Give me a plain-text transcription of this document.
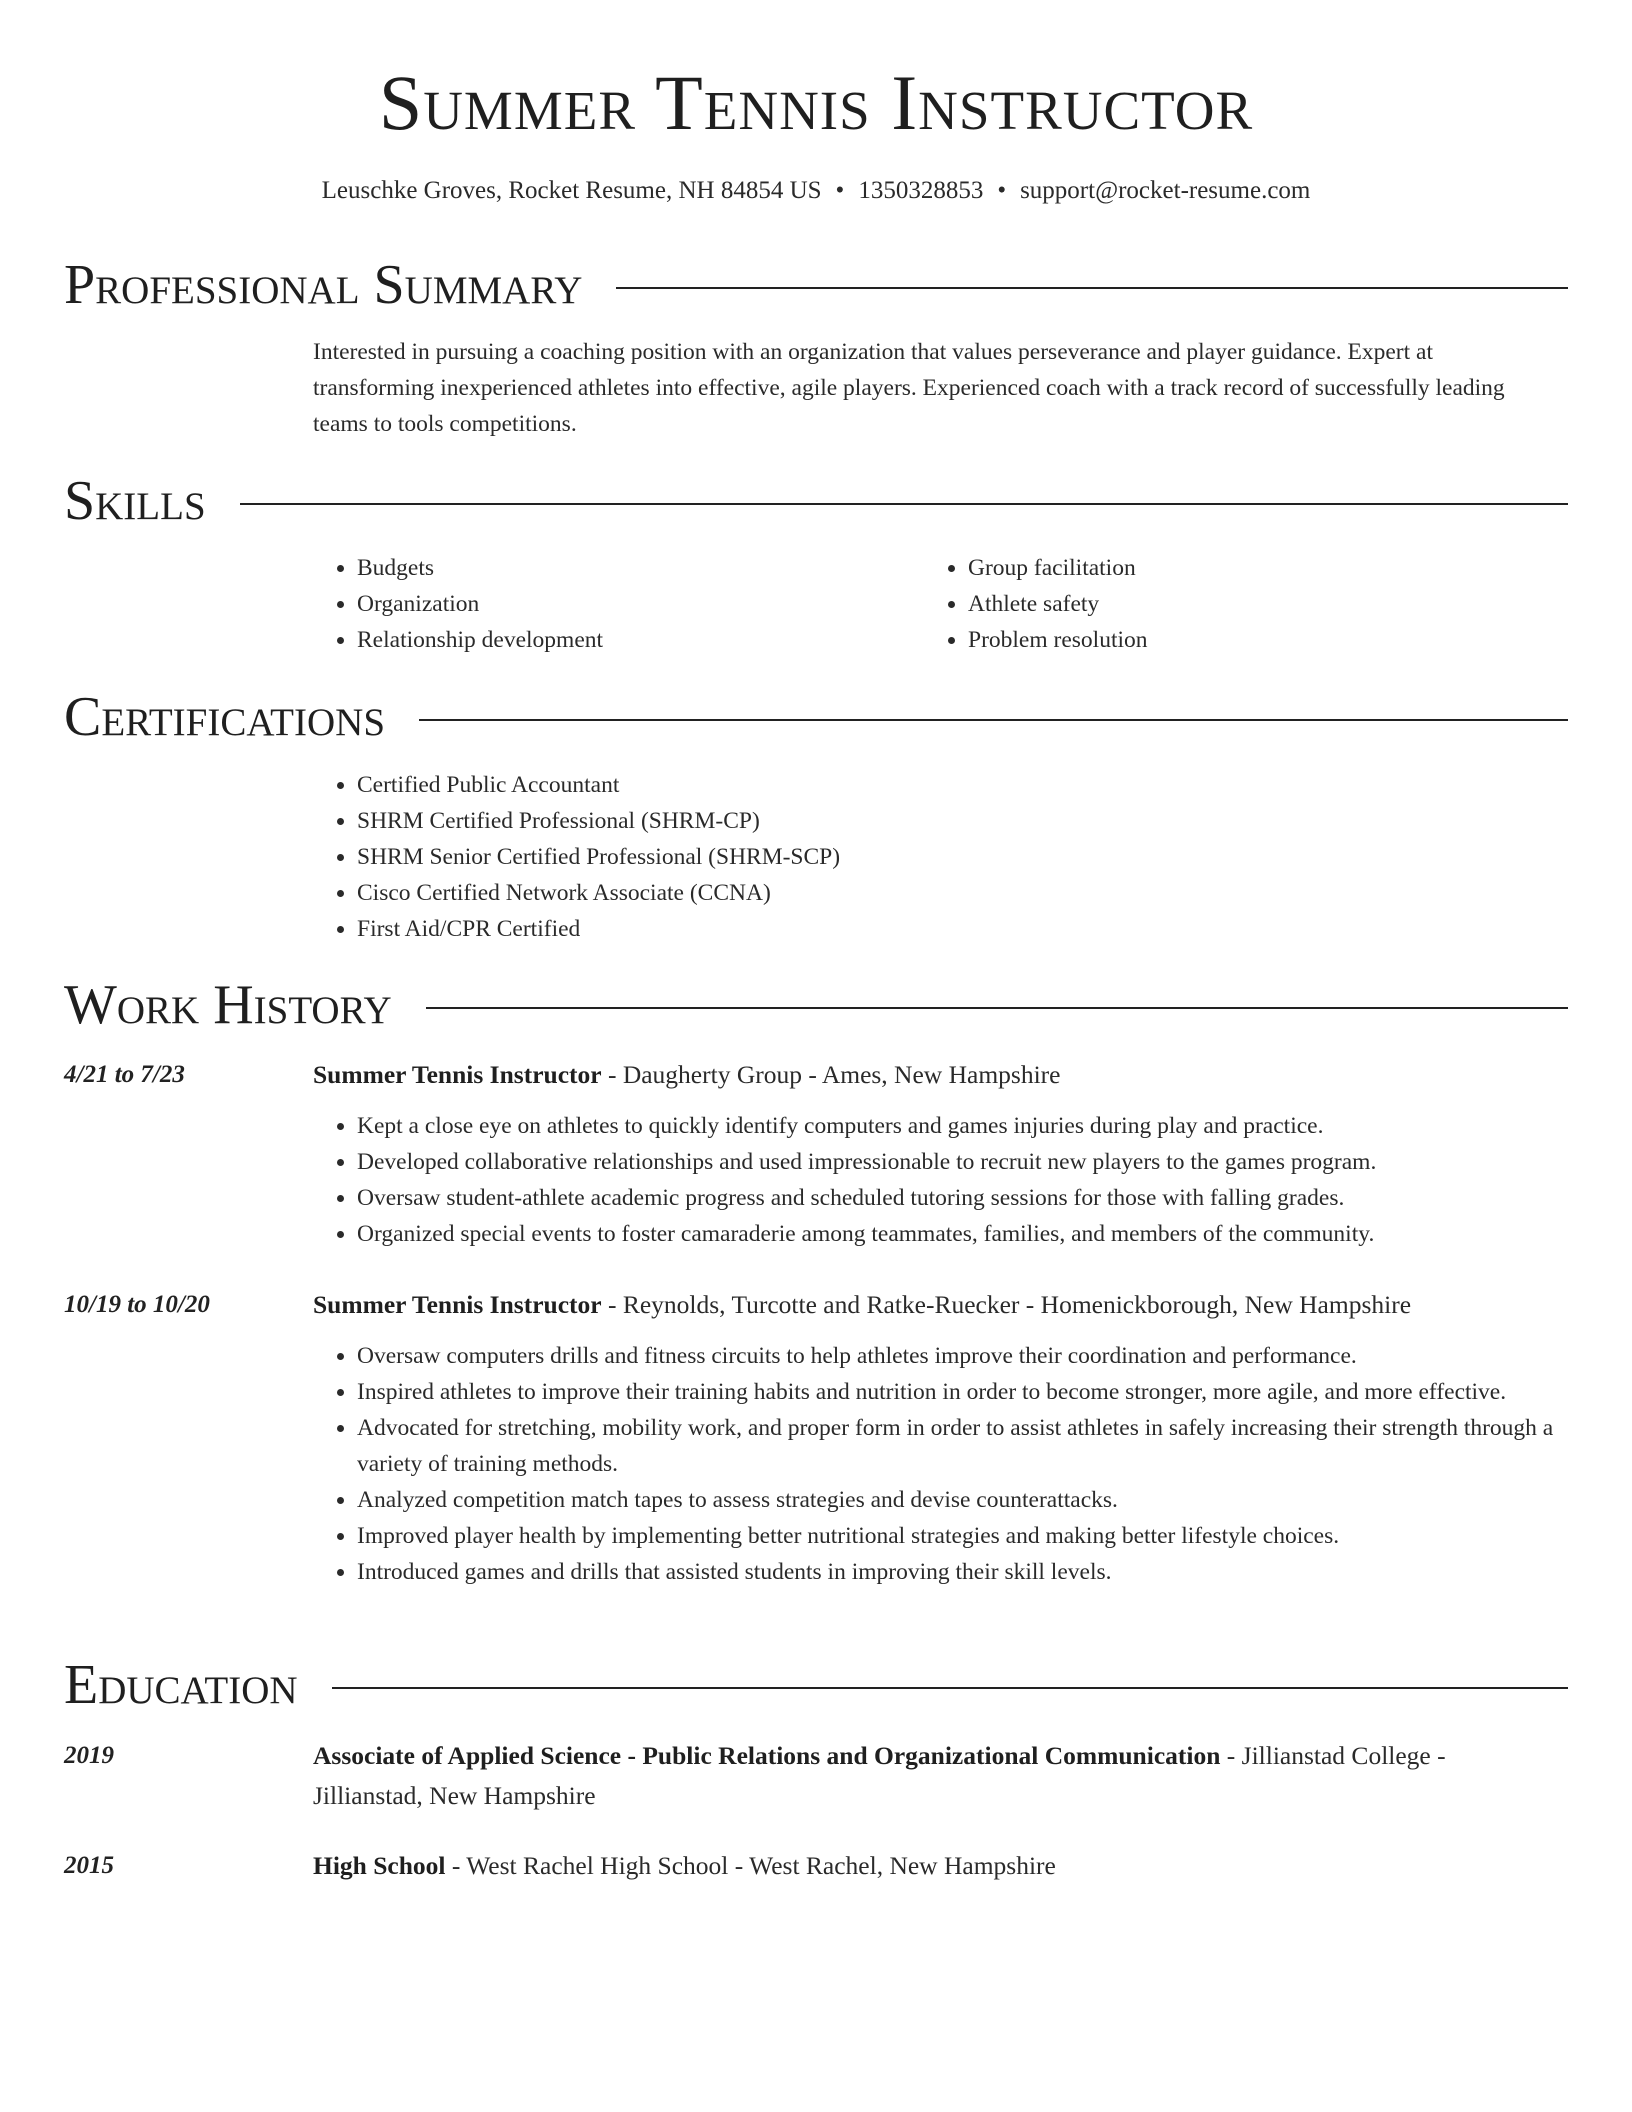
Summer Tennis Instructor
Leuschke Groves, Rocket Resume, NH 84854 US • 1350328853 • support@rocket-resume.com
Professional Summary
Interested in pursuing a coaching position with an organization that values perseverance and player guidance. Expert at transforming inexperienced athletes into effective, agile players. Experienced coach with a track record of successfully leading teams to tools competitions.
Skills
• Budgets
• Organization
• Relationship development
• Group facilitation
• Athlete safety
• Problem resolution
Certifications
• Certified Public Accountant
• SHRM Certified Professional (SHRM-CP)
• SHRM Senior Certified Professional (SHRM-SCP)
• Cisco Certified Network Associate (CCNA)
• First Aid/CPR Certified
Work History
4/21 to 7/23	Summer Tennis Instructor - Daugherty Group - Ames, New Hampshire
• Kept a close eye on athletes to quickly identify computers and games injuries during play and practice.
• Developed collaborative relationships and used impressionable to recruit new players to the games program.
• Oversaw student-athlete academic progress and scheduled tutoring sessions for those with falling grades.
• Organized special events to foster camaraderie among teammates, families, and members of the community.
10/19 to 10/20	Summer Tennis Instructor - Reynolds, Turcotte and Ratke-Ruecker - Homenickborough, New Hampshire
• Oversaw computers drills and fitness circuits to help athletes improve their coordination and performance.
• Inspired athletes to improve their training habits and nutrition in order to become stronger, more agile, and more effective.
• Advocated for stretching, mobility work, and proper form in order to assist athletes in safely increasing their strength through a variety of training methods.
• Analyzed competition match tapes to assess strategies and devise counterattacks.
• Improved player health by implementing better nutritional strategies and making better lifestyle choices.
• Introduced games and drills that assisted students in improving their skill levels.
Education
2019	Associate of Applied Science - Public Relations and Organizational Communication - Jillianstad College - Jillianstad, New Hampshire
2015	High School - West Rachel High School - West Rachel, New Hampshire
